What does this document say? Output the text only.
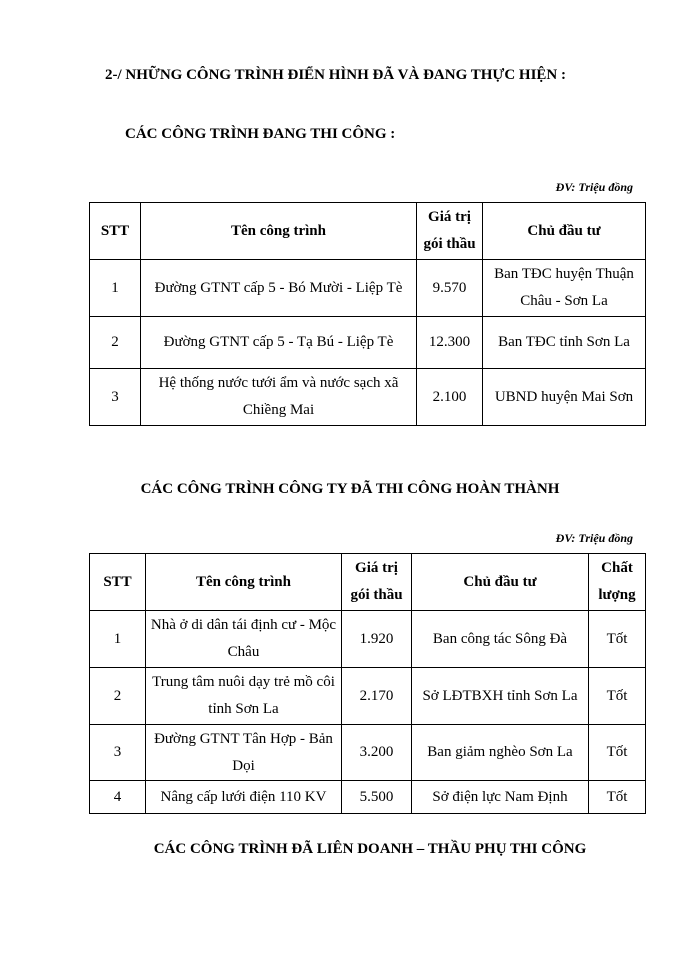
2-/ NHỮNG CÔNG TRÌNH ĐIỂN HÌNH ĐÃ VÀ ĐANG THỰC HIỆN :
CÁC CÔNG TRÌNH ĐANG THI CÔNG :
ĐV: Triệu đồng
STT	Tên công trình	Giá trị gói thầu	Chủ đầu tư
1	Đường GTNT cấp 5 - Bó Mười - Liệp Tè	9.570	Ban TĐC huyện Thuận Châu - Sơn La
2	Đường GTNT cấp 5 - Tạ Bú - Liệp Tè	12.300	Ban TĐC tỉnh Sơn La
3	Hệ thống nước tưới ẩm và nước sạch xã Chiềng Mai	2.100	UBND huyện Mai Sơn
CÁC CÔNG TRÌNH CÔNG TY ĐÃ THI CÔNG HOÀN THÀNH
ĐV: Triệu đồng
STT	Tên công trình	Giá trị gói thầu	Chủ đầu tư	Chất lượng
1	Nhà ở di dân tái định cư - Mộc Châu	1.920	Ban công tác Sông Đà	Tốt
2	Trung tâm nuôi dạy trẻ mồ côi tỉnh Sơn La	2.170	Sở LĐTBXH tỉnh Sơn La	Tốt
3	Đường GTNT Tân Hợp - Bản Dọi	3.200	Ban giảm nghèo Sơn La	Tốt
4	Nâng cấp lưới điện 110 KV	5.500	Sở điện lực Nam Định	Tốt
CÁC CÔNG TRÌNH ĐÃ LIÊN DOANH – THẦU PHỤ THI CÔNG
